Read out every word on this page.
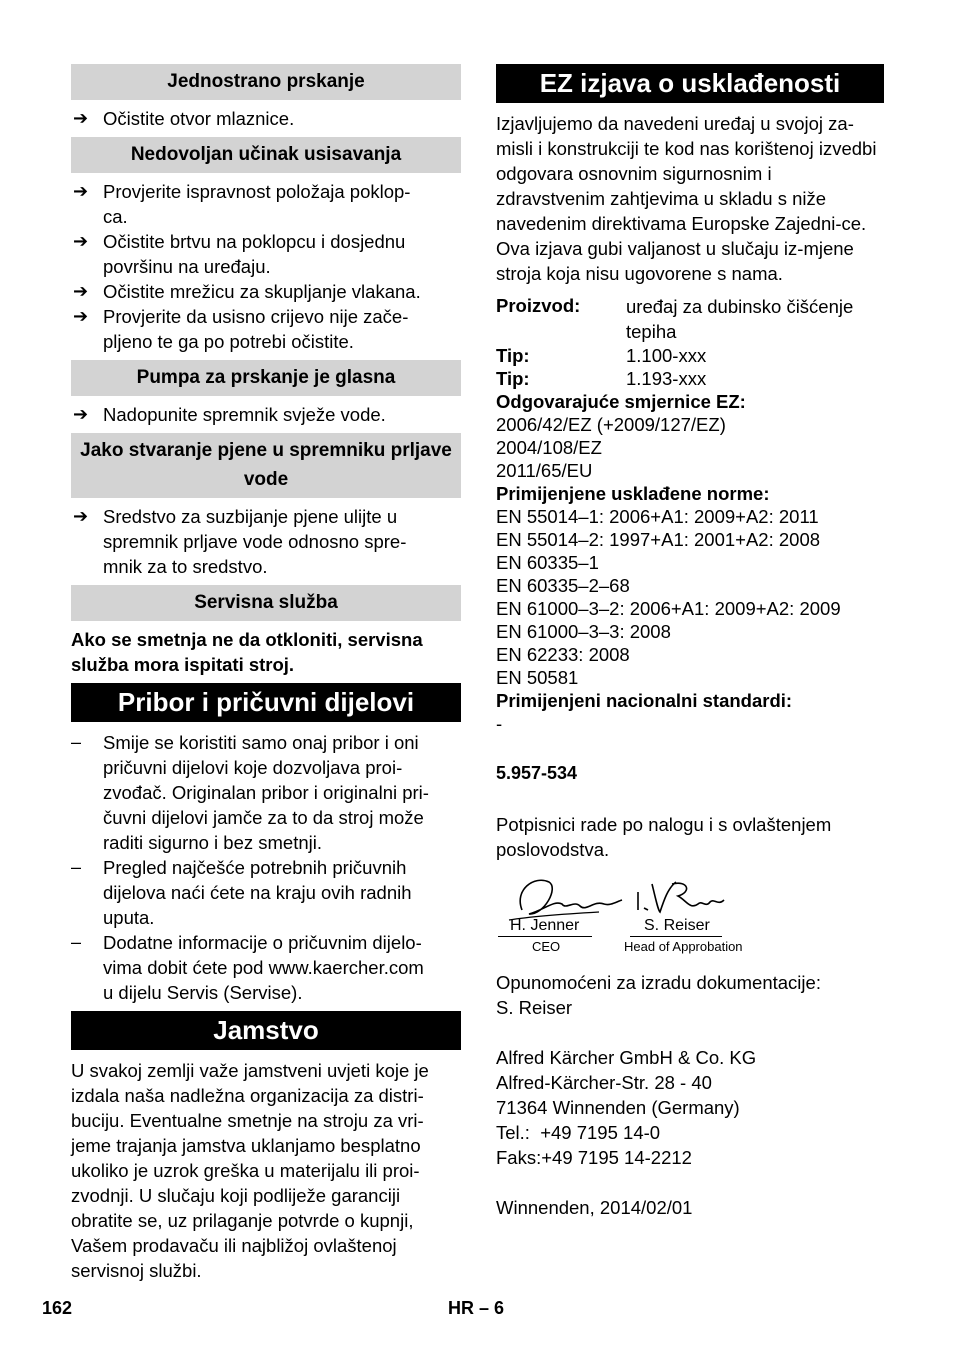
Jednostrano prskanje
➔ Očistite otvor mlaznice.
Nedovoljan učinak usisavanja
➔ Provjerite ispravnost položaja poklop-
ca.
➔ Očistite brtvu na poklopcu i dosjednu
površinu na uređaju.
➔ Očistite mrežicu za skupljanje vlakana.
➔ Provjerite da usisno crijevo nije zače-
pljeno te ga po potrebi očistite.
Pumpa za prskanje je glasna
➔ Nadopunite spremnik svježe vode.
Jako stvaranje pjene u spremniku prljave vode
➔ Sredstvo za suzbijanje pjene ulijte u
spremnik prljave vode odnosno spre-
mnik za to sredstvo.
Servisna služba

Ako se smetnja ne da otkloniti, servisna služba mora ispitati stroj.

Pribor i pričuvni dijelovi
– Smije se koristiti samo onaj pribor i oni
pričuvni dijelovi koje dozvoljava proi-
zvođač. Originalan pribor i originalni pri-
čuvni dijelovi jamče za to da stroj može
raditi sigurno i bez smetnji.
– Pregled najčešće potrebnih pričuvnih
dijelova naći ćete na kraju ovih radnih
uputa.
– Dodatne informacije o pričuvnim dijelo-
vima dobit ćete pod www.kaercher.com
u dijelu Servis (Servise).
Jamstvo

U svakoj zemlji važe jamstveni uvjeti koje je izdala naša nadležna organizacija za distri-buciju. Eventualne smetnje na stroju za vri-jeme trajanja jamstva uklanjamo besplatno ukoliko je uzrok greška u materijalu ili proi-zvodnji. U slučaju koji podliježe garanciji obratite se, uz prilaganje potvrde o kupnji, Vašem prodavaču ili najbližoj ovlaštenoj servisnoj službi.

EZ izjava o usklađenosti

Izjavljujemo da navedeni uređaj u svojoj za-misli i konstrukciji te kod nas korištenoj izvedbi odgovara osnovnim sigurnosnim i zdravstvenim zahtjevima u skladu s niže navedenim direktivama Europske Zajedni-ce. Ova izjava gubi valjanost u slučaju iz-mjene stroja koja nisu ugovorene s nama.

Proizvod:	uređaj za dubinsko čišćenje tepiha
Tip:	1.100-xxx
Tip:	1.193-xxx
Odgovarajuće smjernice EZ:
2006/42/EZ (+2009/127/EZ)
2004/108/EZ
2011/65/EU
Primijenjene usklađene norme:
EN 55014–1: 2006+A1: 2009+A2: 2011
EN 55014–2: 1997+A1: 2001+A2: 2008
EN 60335–1
EN 60335–2–68
EN 61000–3–2: 2006+A1: 2009+A2: 2009
EN 61000–3–3: 2008
EN 62233: 2008
EN 50581
Primijenjeni nacionalni standardi:
-

5.957-534

Potpisnici rade po nalogu i s ovlaštenjem poslovodstva.

H. Jenner
CEO
S. Reiser
Head of Approbation

Opunomoćeni za izradu dokumentacije:

S. Reiser

Alfred Kärcher GmbH & Co. KG

Alfred-Kärcher-Str. 28 - 40

71364 Winnenden (Germany)

Tel.:  +49 7195 14-0

Faks:+49 7195 14-2212

Winnenden, 2014/02/01

162	HR – 6
